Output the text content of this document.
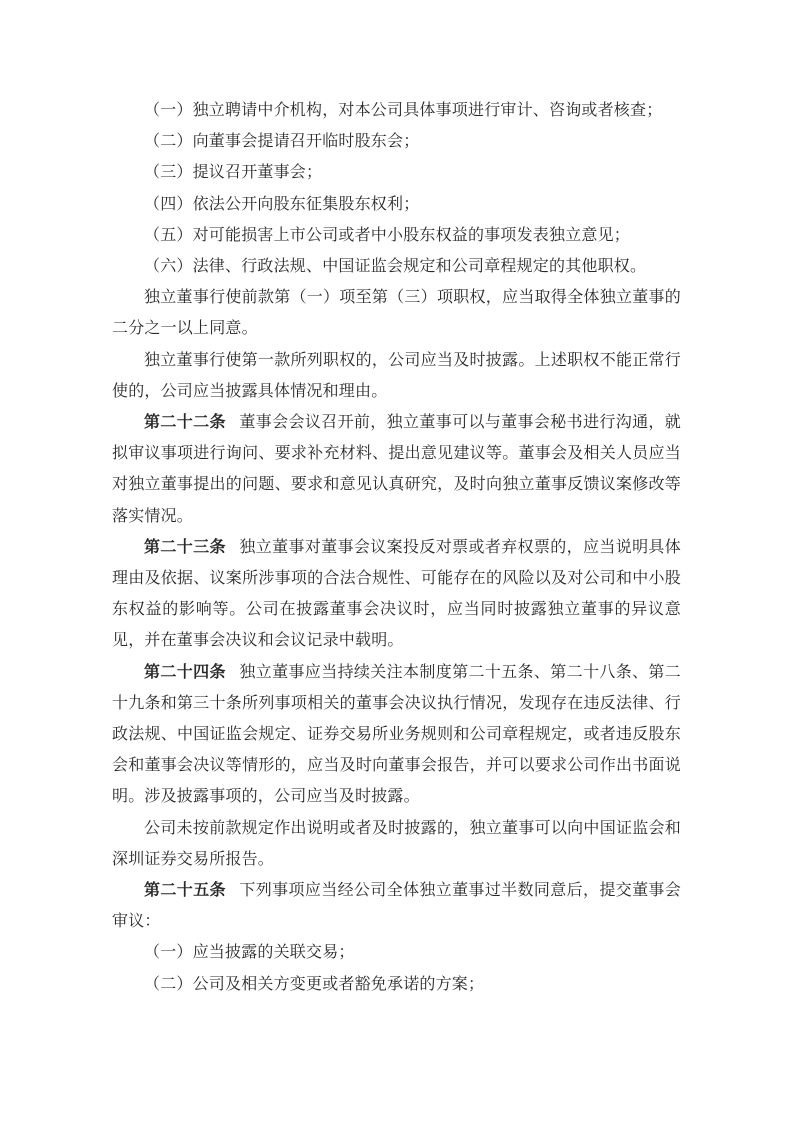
（一）独立聘请中介机构，对本公司具体事项进行审计、咨询或者核查；

（二）向董事会提请召开临时股东会；

（三）提议召开董事会；

（四）依法公开向股东征集股东权利；

（五）对可能损害上市公司或者中小股东权益的事项发表独立意见；

（六）法律、行政法规、中国证监会规定和公司章程规定的其他职权。

独立董事行使前款第（一）项至第（三）项职权，应当取得全体独立董事的二分之一以上同意。

独立董事行使第一款所列职权的，公司应当及时披露。上述职权不能正常行使的，公司应当披露具体情况和理由。

第二十二条 董事会会议召开前，独立董事可以与董事会秘书进行沟通，就拟审议事项进行询问、要求补充材料、提出意见建议等。董事会及相关人员应当对独立董事提出的问题、要求和意见认真研究，及时向独立董事反馈议案修改等落实情况。

第二十三条 独立董事对董事会议案投反对票或者弃权票的，应当说明具体理由及依据、议案所涉事项的合法合规性、可能存在的风险以及对公司和中小股东权益的影响等。公司在披露董事会决议时，应当同时披露独立董事的异议意见，并在董事会决议和会议记录中载明。

第二十四条 独立董事应当持续关注本制度第二十五条、第二十八条、第二十九条和第三十条所列事项相关的董事会决议执行情况，发现存在违反法律、行政法规、中国证监会规定、证券交易所业务规则和公司章程规定，或者违反股东会和董事会决议等情形的，应当及时向董事会报告，并可以要求公司作出书面说明。涉及披露事项的，公司应当及时披露。

公司未按前款规定作出说明或者及时披露的，独立董事可以向中国证监会和深圳证券交易所报告。

第二十五条 下列事项应当经公司全体独立董事过半数同意后，提交董事会审议：

（一）应当披露的关联交易；

（二）公司及相关方变更或者豁免承诺的方案；
